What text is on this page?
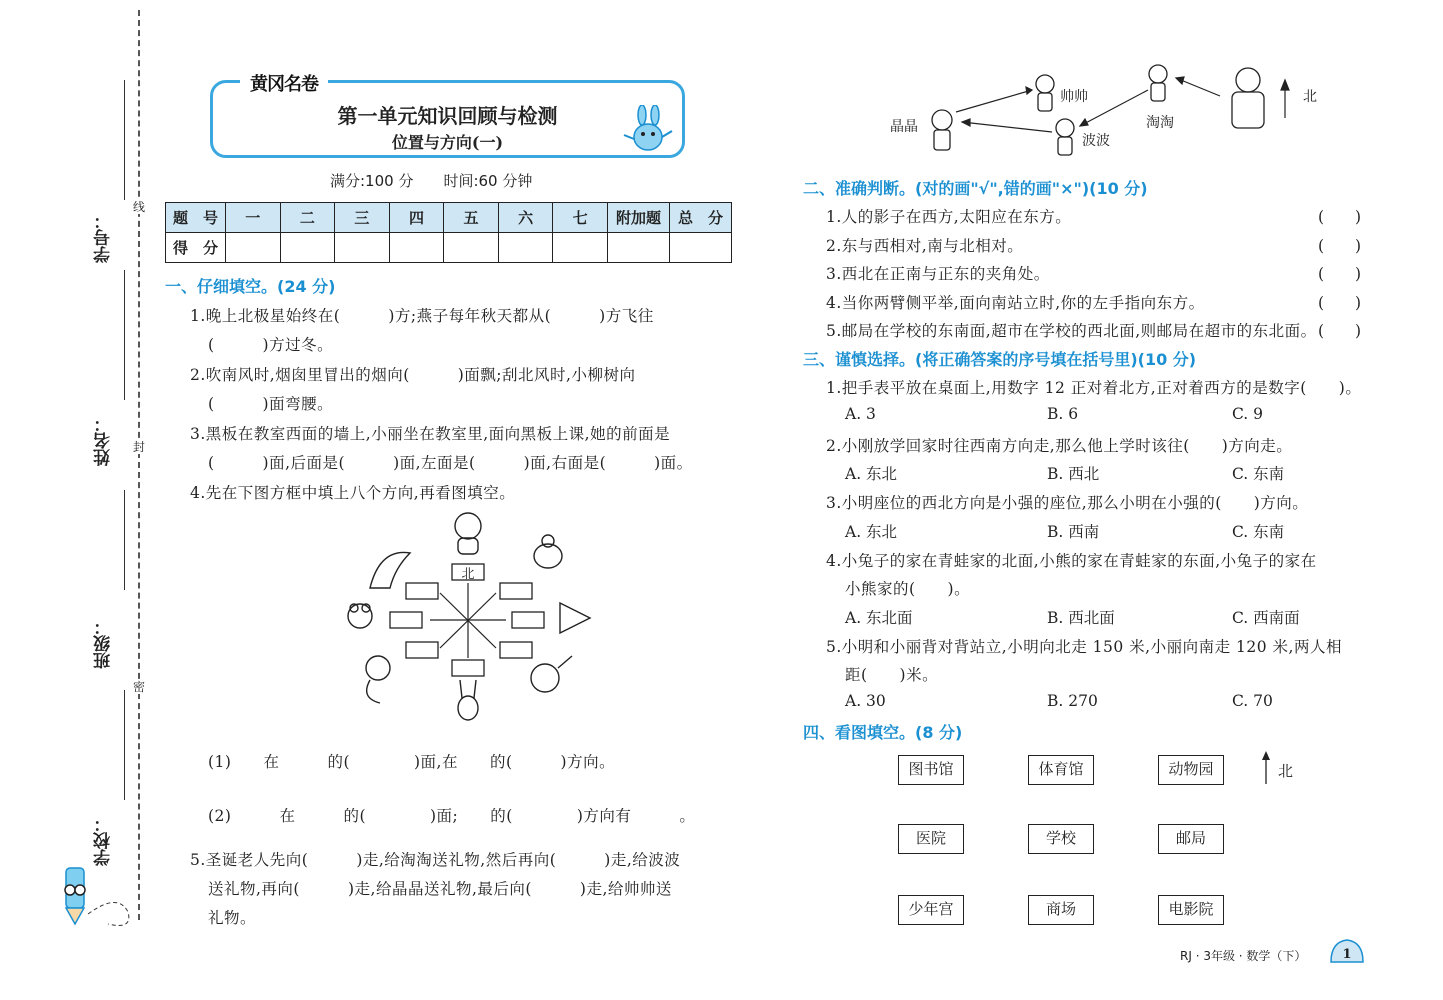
线
封
密
学号：
姓名：
班级：
学校：
黄冈名卷
第一单元知识回顾与检测
位置与方向(一)
满分:100 分　　时间:60 分钟
题　号	一	二	三	四	五	六	七	附加题	总　分
得　分									
一、仔细填空。(24 分)
1.晚上北极星始终在(　　　)方;燕子每年秋天都从(　　　)方飞往
(　　　)方过冬。
2.吹南风时,烟囱里冒出的烟向(　　　)面飘;刮北风时,小柳树向
(　　　)面弯腰。
3.黑板在教室西面的墙上,小丽坐在教室里,面向黑板上课,她的前面是
(　　　)面,后面是(　　　)面,左面是(　　　)面,右面是(　　　)面。
4.先在下图方框中填上八个方向,再看图填空。
北
(1)　　在　　　的(　　　　)面,在　　的(　　　)方向。
(2)　　　在　　　的(　　　　)面;　　的(　　　　)方向有　　　。
5.圣诞老人先向(　　　)走,给淘淘送礼物,然后再向(　　　)走,给波波
送礼物,再向(　　　)走,给晶晶送礼物,最后向(　　　)走,给帅帅送
礼物。
晶晶
帅帅
波波
淘淘
北
二、准确判断。(对的画"√",错的画"×")(10 分)
1.人的影子在西方,太阳应在东方。	(　　)
2.东与西相对,南与北相对。	(　　)
3.西北在正南与正东的夹角处。	(　　)
4.当你两臂侧平举,面向南站立时,你的左手指向东方。	(　　)
5.邮局在学校的东南面,超市在学校的西北面,则邮局在超市的东北面。 (　　)
三、谨慎选择。(将正确答案的序号填在括号里)(10 分)
1.把手表平放在桌面上,用数字 12 正对着北方,正对着西方的是数字(　　)。
A. 3	B. 6	C. 9
2.小刚放学回家时往西南方向走,那么他上学时该往(　　)方向走。
A. 东北	B. 西北	C. 东南
3.小明座位的西北方向是小强的座位,那么小明在小强的(　　)方向。
A. 东北	B. 西南	C. 东南
4.小兔子的家在青蛙家的北面,小熊的家在青蛙家的东面,小兔子的家在
小熊家的(　　)。
A. 东北面	B. 西北面	C. 西南面
5.小明和小丽背对背站立,小明向北走 150 米,小丽向南走 120 米,两人相
距(　　)米。
A. 30	B. 270	C. 70
四、看图填空。(8 分)
图书馆	体育馆	动物园
医院	学校	邮局
少年宫	商场	电影院
北
RJ · 3年级 · 数学（下）	1
